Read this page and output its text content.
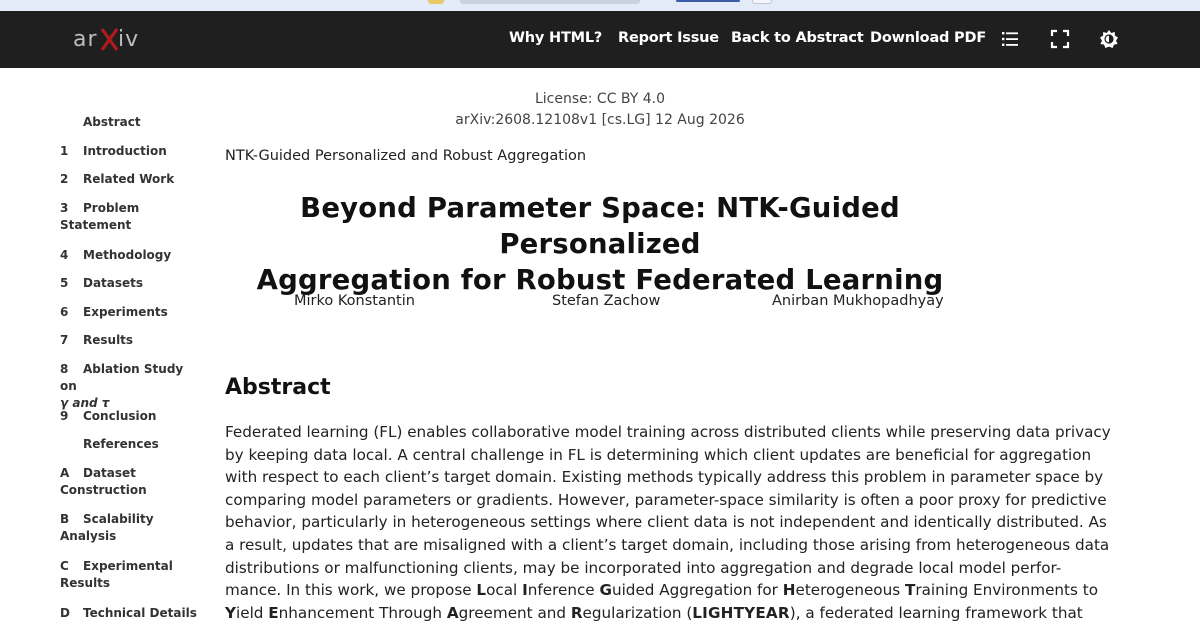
ar iv	Why HTML? Report Issue Back to Abstract Download PDF
Abstract
1	Introduction
2	Related Work
3	Problem
Statement
4	Methodology
5	Datasets
6	Experiments
7	Results
8	Ablation Study on
γ and τ
9	Conclusion
References
A	Dataset
Construction
B	Scalability
Analysis
C	Experimental
Results
D	Technical Details
License: CC BY 4.0
arXiv:2608.12108v1 [cs.LG] 12 Aug 2026
NTK-Guided Personalized and Robust Aggregation
Beyond Parameter Space: NTK-Guided Personalized
Aggregation for Robust Federated Learning
Mirko Konstantin	Stefan Zachow	Anirban Mukhopadhyay
Abstract
Federated learning (FL) enables collaborative model training across distributed clients while preserving data privacy
by keeping data local. A central challenge in FL is determining which client updates are beneficial for aggregation
with respect to each client’s target domain. Existing methods typically address this problem in parameter space by
comparing model parameters or gradients. However, parameter-space similarity is often a poor proxy for predictive
behavior, particularly in heterogeneous settings where client data is not independent and identically distributed. As
a result, updates that are misaligned with a client’s target domain, including those arising from heterogeneous data
distributions or malfunctioning clients, may be incorporated into aggregation and degrade local model perfor-
mance. In this work, we propose Local Inference Guided Aggregation for Heterogeneous Training Environments to
Yield Enhancement Through Agreement and Regularization (LIGHTYEAR), a federated learning framework that
